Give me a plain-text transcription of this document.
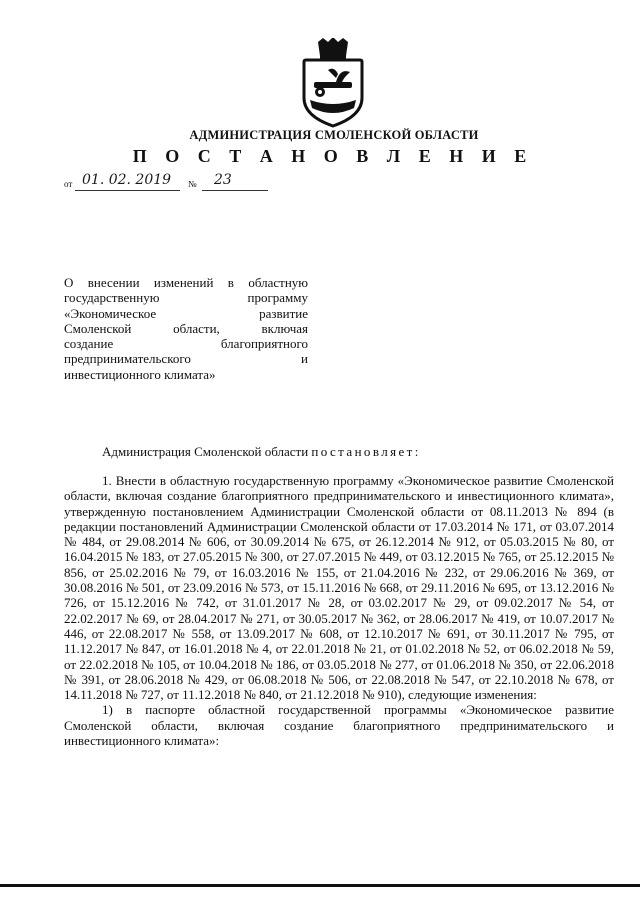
АДМИНИСТРАЦИЯ СМОЛЕНСКОЙ ОБЛАСТИ
П О С Т А Н О В Л Е Н И Е
от 01. 02. 2019 № 23
О внесении изменений в областную
государственную программу
«Экономическое развитие
Смоленской области, включая
создание благоприятного
предпринимательского и
инвестиционного климата»
Администрация Смоленской области постановляет:

1. Внести в областную государственную программу «Экономическое развитие Смоленской области, включая создание благоприятного предпринимательского и инвестиционного климата», утвержденную постановлением Администрации Смоленской области от 08.11.2013 № 894 (в редакции постановлений Администрации Смоленской области от 17.03.2014 № 171, от 03.07.2014 № 484, от 29.08.2014 № 606, от 30.09.2014 № 675, от 26.12.2014 № 912, от 05.03.2015 № 80, от 16.04.2015 № 183, от 27.05.2015 № 300, от 27.07.2015 № 449, от 03.12.2015 № 765, от 25.12.2015 № 856, от 25.02.2016 № 79, от 16.03.2016 № 155, от 21.04.2016 № 232, от 29.06.2016 № 369, от 30.08.2016 № 501, от 23.09.2016 № 573, от 15.11.2016 № 668, от 29.11.2016 № 695, от 13.12.2016 № 726, от 15.12.2016 № 742, от 31.01.2017 № 28, от 03.02.2017 № 29, от 09.02.2017 № 54, от 22.02.2017 № 69, от 28.04.2017 № 271, от 30.05.2017 № 362, от 28.06.2017 № 419, от 10.07.2017 № 446, от 22.08.2017 № 558, от 13.09.2017 № 608, от 12.10.2017 № 691, от 30.11.2017 № 795, от 11.12.2017 № 847, от 16.01.2018 № 4, от 22.01.2018 № 21, от 01.02.2018 № 52, от 06.02.2018 № 59, от 22.02.2018 № 105, от 10.04.2018 № 186, от 03.05.2018 № 277, от 01.06.2018 № 350, от 22.06.2018 № 391, от 28.06.2018 № 429, от 06.08.2018 № 506, от 22.08.2018 № 547, от 22.10.2018 № 678, от 14.11.2018 № 727, от 11.12.2018 № 840, от 21.12.2018 № 910), следующие изменения:

1) в паспорте областной государственной программы «Экономическое развитие Смоленской области, включая создание благоприятного предпринимательского и инвестиционного климата»:
